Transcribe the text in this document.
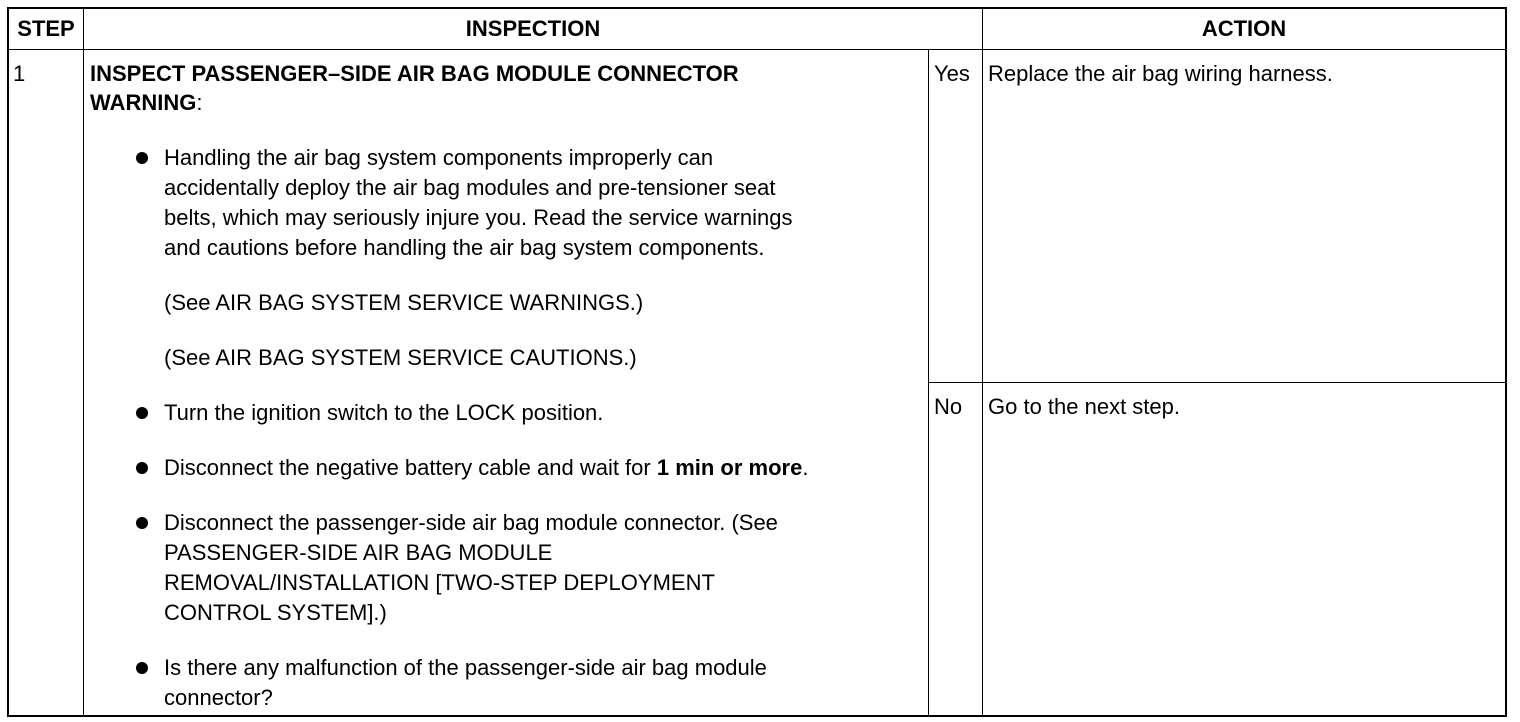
STEP	INSPECTION	ACTION
1	INSPECT PASSENGER–SIDE AIR BAG MODULE CONNECTOR
WARNING:
Handling the air bag system components improperly can
accidentally deploy the air bag modules and pre-tensioner seat
belts, which may seriously injure you. Read the service warnings
and cautions before handling the air bag system components.
(See AIR BAG SYSTEM SERVICE WARNINGS.)
(See AIR BAG SYSTEM SERVICE CAUTIONS.)
Turn the ignition switch to the LOCK position.
Disconnect the negative battery cable and wait for 1 min or more.
Disconnect the passenger-side air bag module connector. (See
PASSENGER-SIDE AIR BAG MODULE
REMOVAL/INSTALLATION [TWO-STEP DEPLOYMENT
CONTROL SYSTEM].)
Is there any malfunction of the passenger-side air bag module
connector?
Yes Replace the air bag wiring harness.
No Go to the next step.
